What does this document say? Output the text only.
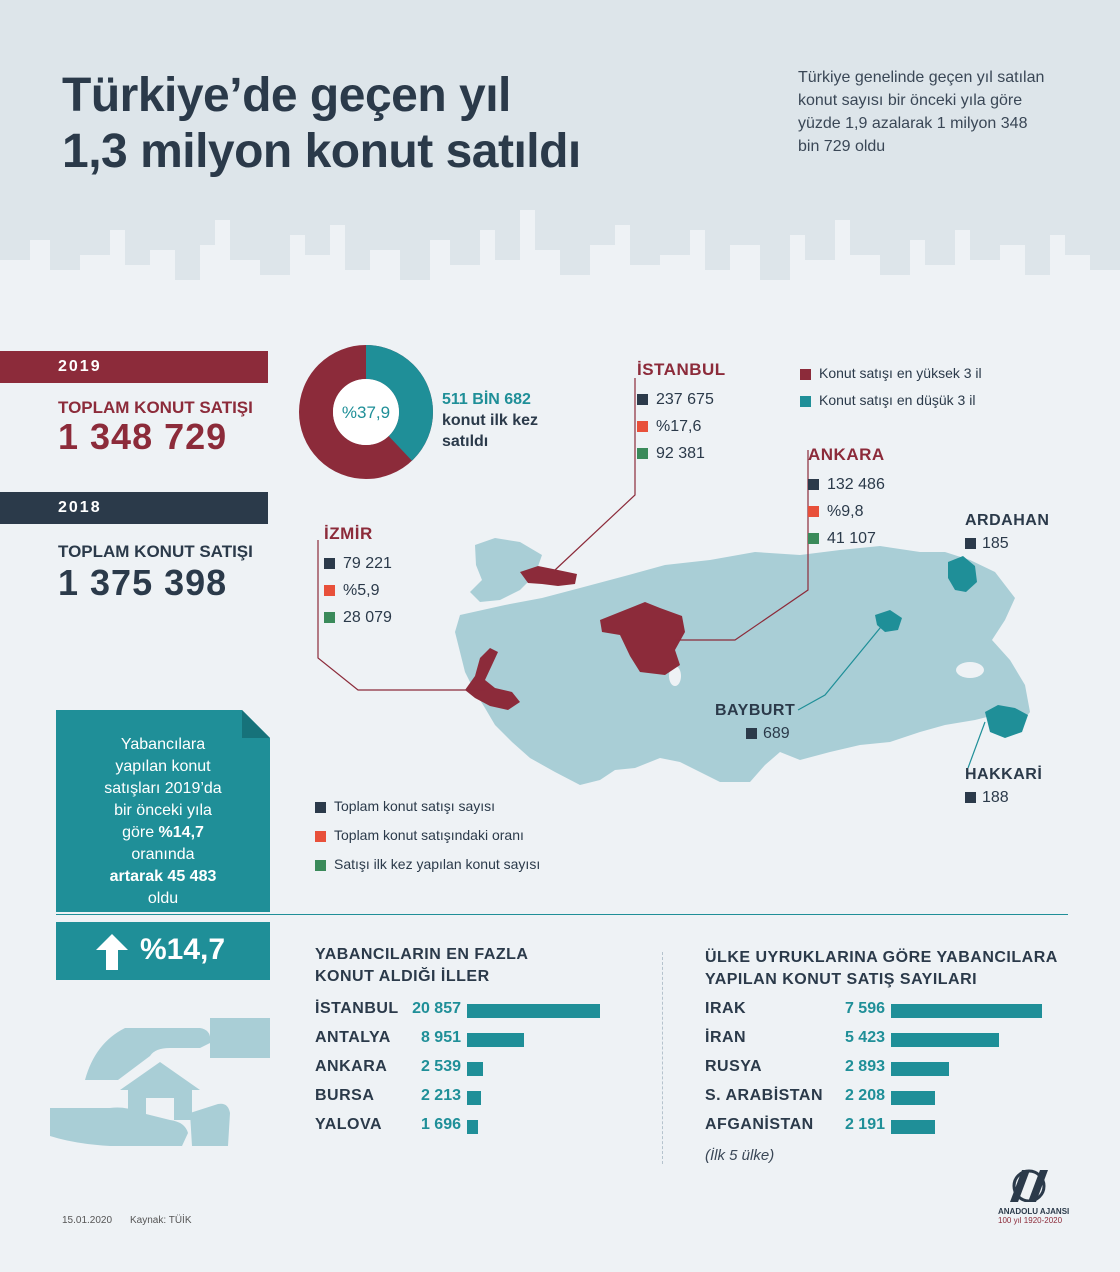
Türkiye’de geçen yıl
1,3 milyon konut satıldı
Türkiye genelinde geçen yıl satılan konut sayısı bir önceki yıla göre yüzde 1,9 azalarak 1 milyon 348 bin 729 oldu
2019
TOPLAM KONUT SATIŞI
1 348 729
2018
TOPLAM KONUT SATIŞI
1 375 398
%37,9
511 BİN 682
konut ilk kez
satıldı
Konut satışı en yüksek 3 il
Konut satışı en düşük 3 il
İSTANBUL
237 675
%17,6
92 381	ANKARA
132 486
%9,8
41 107
İZMİR
79 221
%5,9
28 079
ARDAHAN
185
BAYBURT
689
HAKKARİ
188
Toplam konut satışı sayısı
Toplam konut satışındaki oranı
Satışı ilk kez yapılan konut sayısı
Yabancılara
yapılan konut
satışları 2019’da
bir önceki yıla
göre %14,7
oranında
artarak 45 483
oldu
%14,7	YABANCILARIN EN FAZLA
KONUT ALDIĞI İLLER
İSTANBUL 20 857
ANTALYA	8 951
ANKARA	2 539
BURSA	2 213
YALOVA	1 696
ÜLKE UYRUKLARINA GÖRE YABANCILARA
YAPILAN KONUT SATIŞ SAYILARI
IRAK	7 596
İRAN	5 423
RUSYA	2 893
S. ARABİSTAN	2 208
AFGANİSTAN	2 191
(İlk 5 ülke)
15.01.2020 Kaynak: TÜİK
ANADOLU AJANSI
100 yıl 1920-2020
